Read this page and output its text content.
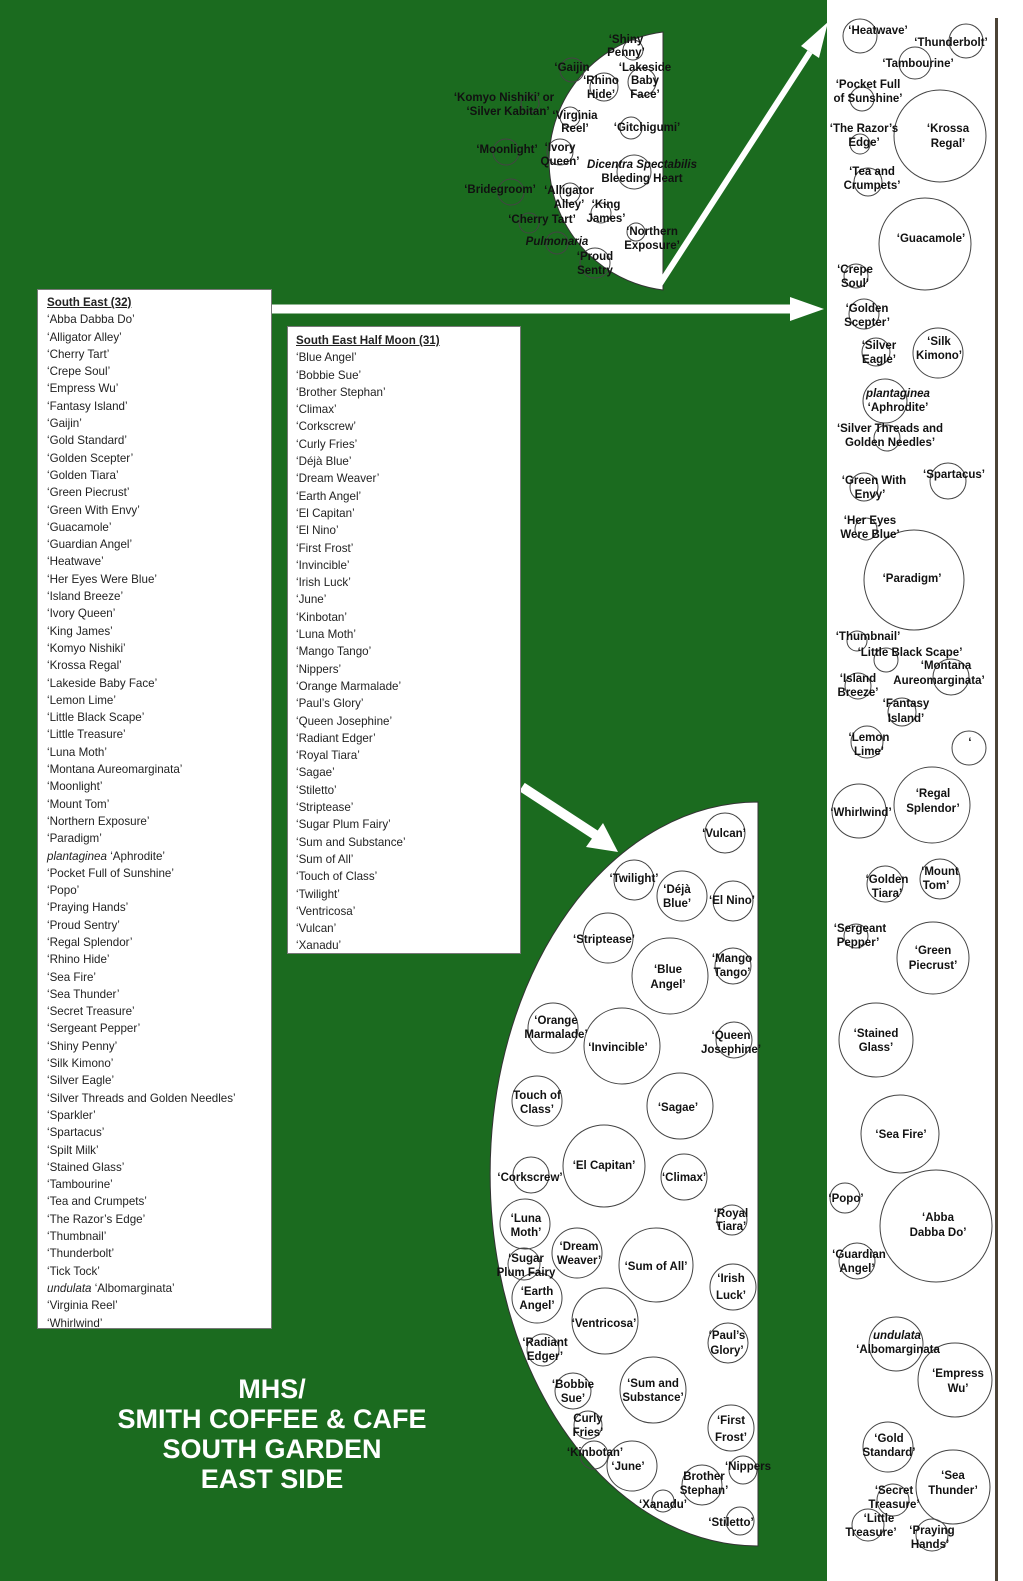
‘Shiny Penny’
‘Gaijin	‘Lakeside Baby Face’
‘Rhino Hide’
‘Komyo Nishiki’ or ‘Silver Kabitan’ ‘Virginia Reel’	‘Gitchigumi’
‘Moonlight’ ‘Ivory Queen’ Dicentra Spectabilis
Bleeding Heart
‘Bridegroom’ ‘Alligator Alley’ ‘King James’
‘Cherry Tart’
Pulmonaria
‘Northern Exposure’
‘Proud Sentry
‘Vulcan’
‘Twilight’
‘Déjà Blue’ ‘El Nino’
‘Striptease’
‘Blue Angel’
‘Mango Tango’
‘Orange Marmalade’
‘Invincible’
‘Queen Josephine’
Touch of Class’	‘Sagae’
‘El Capitan’
‘Corkscrew’	‘Climax’
‘Royal Tiara’
‘Luna Moth’
‘Dream Weaver’ ‘Sum of All’
‘Sugar Plum Fairy	‘Irish Luck’
‘Earth Angel’
‘Ventricosa’
‘Paul’s Glory’
‘Radiant Edger’
‘Bobbie Sue’
‘Sum and Substance’
Curly Fries’
‘First Frost’
‘Kinbotan’
‘June’	‘Nippers
Brother Stephan’
‘Xanadu’
‘Stiletto’
‘Heatwave’
‘Thunderbolt’
‘Tambourine’
‘Pocket Full of Sunshine’
‘The Razor’s Edge’
‘Krossa Regal’
‘Tea and Crumpets’
‘Guacamole’
‘Crepe Soul’
‘Golden Scepter’
‘Silver Eagle’
‘Silk Kimono’
plantaginea
‘Aphrodite’
‘Silver Threads and Golden Needles’
‘Green With Envy’
‘Spartacus’
‘Her Eyes Were Blue’
‘Paradigm’
‘Thumbnail’
‘Little Black Scape’
‘Montana Aureomarginata’
‘Island Breeze’
‘Fantasy Island’
‘Lemon Lime’
‘
‘Regal Splendor’
‘Whirlwind’
‘Golden Tiara’
‘Mount Tom’
‘Sergeant Pepper’
‘Green Piecrust’
‘Stained Glass’
‘Sea Fire’
‘Popo’
‘Abba Dabba Do’
‘Guardian Angel’
undulata
‘Albomarginata
‘Empress Wu’
‘Gold Standard’
‘Sea Thunder’
‘Secret Treasure’
‘Little Treasure’ ‘Praying Hands’
South East (32)
‘Abba Dabba Do’
‘Alligator Alley’
‘Cherry Tart’
‘Crepe Soul’
‘Empress Wu’
‘Fantasy Island’
‘Gaijin’
‘Gold Standard’
‘Golden Scepter’
‘Golden Tiara’
‘Green Piecrust’
‘Green With Envy’
‘Guacamole’
‘Guardian Angel’
‘Heatwave’
‘Her Eyes Were Blue’
‘Island Breeze’
‘Ivory Queen’
‘King James’
‘Komyo Nishiki’
‘Krossa Regal’
‘Lakeside Baby Face’
‘Lemon Lime’
‘Little Black Scape’
‘Little Treasure’
‘Luna Moth’
‘Montana Aureomarginata’
‘Moonlight’
‘Mount Tom’
‘Northern Exposure’
‘Paradigm’
plantaginea ‘Aphrodite’
‘Pocket Full of Sunshine’
‘Popo’
‘Praying Hands’
‘Proud Sentry’
‘Regal Splendor’
‘Rhino Hide’
‘Sea Fire’
‘Sea Thunder’
‘Secret Treasure’
‘Sergeant Pepper’
‘Shiny Penny’
‘Silk Kimono’
‘Silver Eagle’
‘Silver Threads and Golden Needles’
‘Sparkler’
‘Spartacus’
‘Spilt Milk’
‘Stained Glass’
‘Tambourine’
‘Tea and Crumpets’
‘The Razor’s Edge’
‘Thumbnail’
‘Thunderbolt’
‘Tick Tock’
undulata ‘Albomarginata’
‘Virginia Reel’
‘Whirlwind’
South East Half Moon (31)
‘Blue Angel’
‘Bobbie Sue’
‘Brother Stephan’
‘Climax’
‘Corkscrew’
‘Curly Fries’
‘Déjà Blue’
‘Dream Weaver’
‘Earth Angel’
‘El Capitan’
‘El Nino’
‘First Frost’
‘Invincible’
‘Irish Luck’
‘June’
‘Kinbotan’
‘Luna Moth’
‘Mango Tango’
‘Nippers’
‘Orange Marmalade’
‘Paul’s Glory’
‘Queen Josephine’
‘Radiant Edger’
‘Royal Tiara’
‘Sagae’
‘Stiletto’
‘Striptease’
‘Sugar Plum Fairy’
‘Sum and Substance’
‘Sum of All’
‘Touch of Class’
‘Twilight’
‘Ventricosa’
‘Vulcan’
‘Xanadu’
MHS/
SMITH COFFEE & CAFE
SOUTH GARDEN
EAST SIDE
